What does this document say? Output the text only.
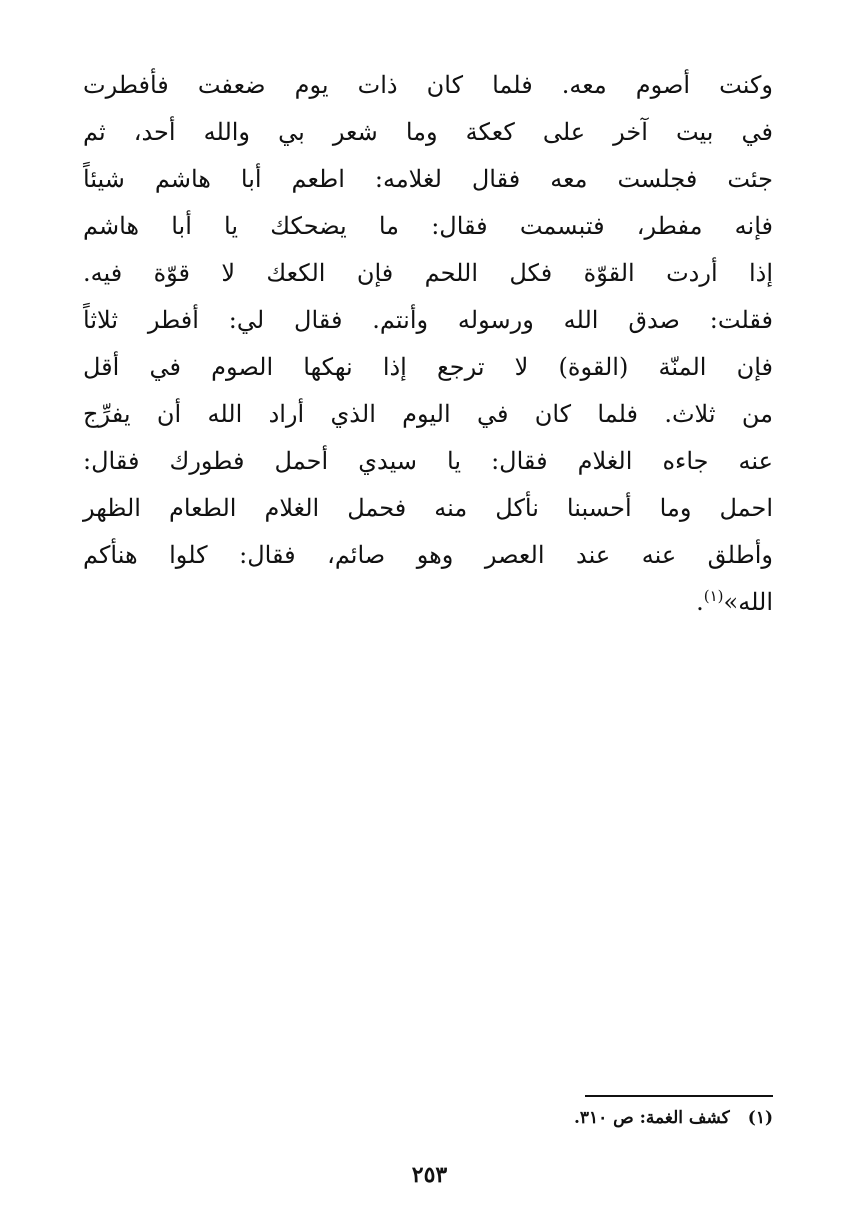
وكنت أصوم معه. فلما كان ذات يوم ضعفت فأفطرت
في بيت آخر على كعكة وما شعر بي والله أحد، ثم
جئت فجلست معه فقال لغلامه: اطعم أبا هاشم شيئاً
فإنه مفطر، فتبسمت فقال: ما يضحكك يا أبا هاشم
إذا أردت القوّة فكل اللحم فإن الكعك لا قوّة فيه.
فقلت: صدق الله ورسوله وأنتم. فقال لي: أفطر ثلاثاً
فإن المنّة (القوة) لا ترجع إذا نهكها الصوم في أقل
من ثلاث. فلما كان في اليوم الذي أراد الله أن يفرِّج
عنه جاءه الغلام فقال: يا سيدي أحمل فطورك فقال:
احمل وما أحسبنا نأكل منه فحمل الغلام الطعام الظهر
وأطلق عنه عند العصر وهو صائم، فقال: كلوا هنأكم
الله»$^{(١)}$.
(١)كشف الغمة: ص ٣١٠.
٢٥٣
